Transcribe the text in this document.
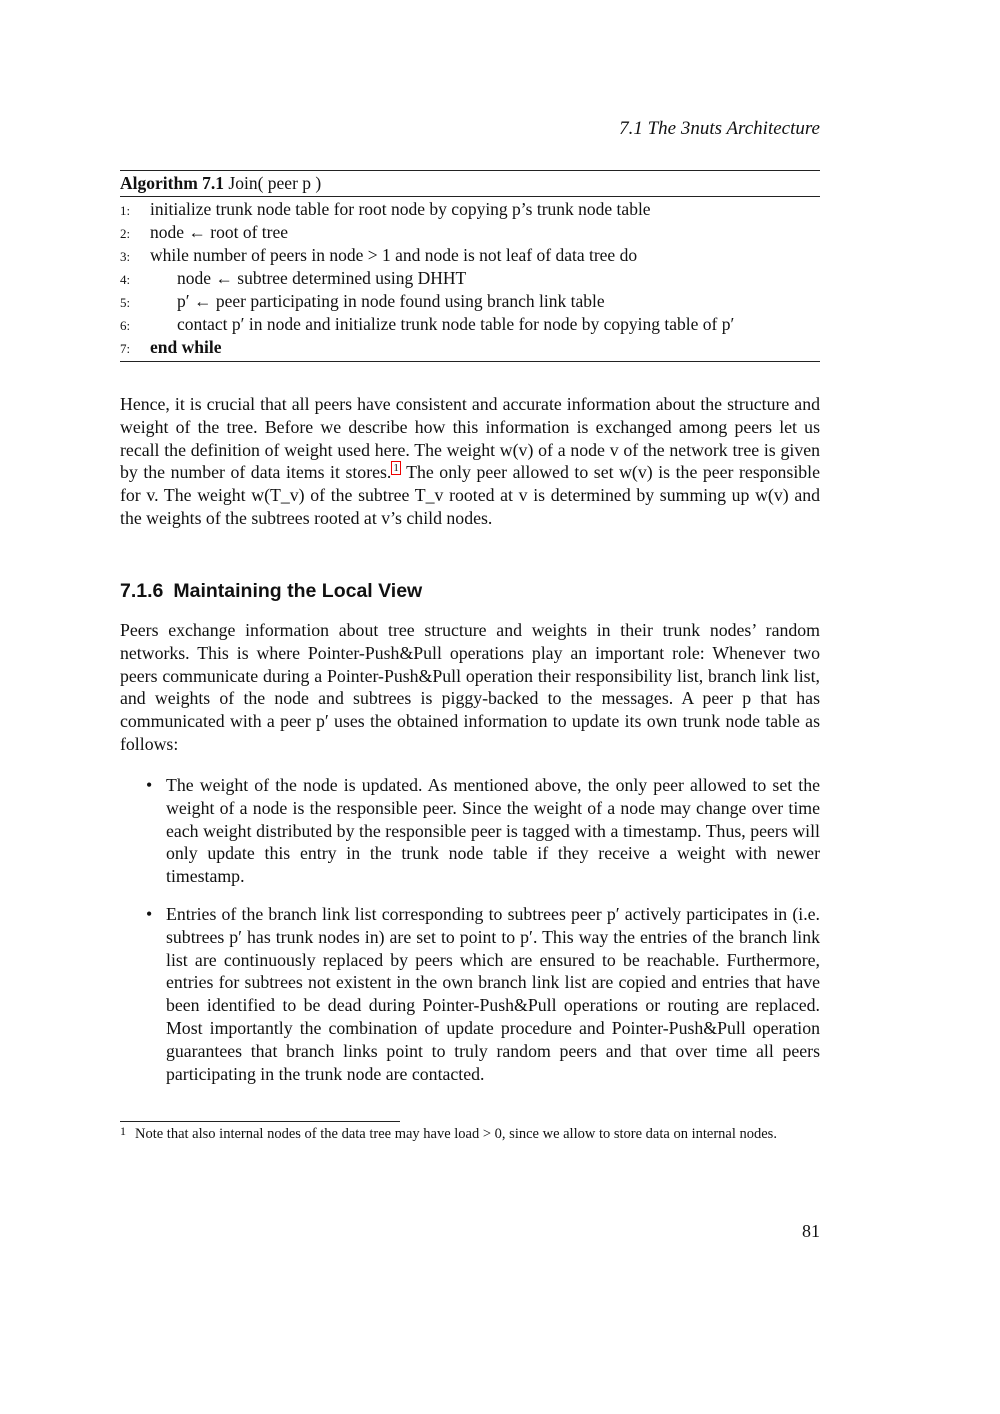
7.1 The 3nuts Architecture
Algorithm 7.1 Join( peer p )
1: initialize trunk node table for root node by copying p’s trunk node table
2: node ← root of tree
3: while number of peers in node > 1 and node is not leaf of data tree do
4:	node ← subtree determined using DHHT
5:	p′ ← peer participating in node found using branch link table
6:	contact p′ in node and initialize trunk node table for node by copying table of p′
7: end while
Hence, it is crucial that all peers have consistent and accurate information about the structure and weight of the tree. Before we describe how this information is exchanged among peers let us recall the definition of weight used here. The weight w(v) of a node v of the network tree is given by the number of data items it stores. $^1$ The only peer allowed to set w(v) is the peer responsible for v. The weight w(T_v) of the subtree T_v rooted at v is determined by summing up w(v) and the weights of the subtrees rooted at v’s child nodes.
7.1.6 Maintaining the Local View
Peers exchange information about tree structure and weights in their trunk nodes’ random networks. This is where Pointer-Push&Pull operations play an important role: Whenever two peers communicate during a Pointer-Push&Pull operation their responsibility list, branch link list, and weights of the node and subtrees is piggy-backed to the messages. A peer p that has communicated with a peer p′ uses the obtained information to update its own trunk node table as follows:
• The weight of the node is updated. As mentioned above, the only peer allowed to set the weight of a node is the responsible peer. Since the weight of a node may change over time each weight distributed by the responsible peer is tagged with a timestamp. Thus, peers will only update this entry in the trunk node table if they receive a weight with newer timestamp.
• Entries of the branch link list corresponding to subtrees peer p′ actively participates in (i.e. subtrees p′ has trunk nodes in) are set to point to p′. This way the entries of the branch link list are continuously replaced by peers which are ensured to be reachable. Furthermore, entries for subtrees not existent in the own branch link list are copied and entries that have been identified to be dead during Pointer-Push&Pull operations or routing are replaced. Most importantly the combination of update procedure and Pointer-Push&Pull operation guarantees that branch links point to truly random peers and that over time all peers participating in the trunk node are contacted.
1 Note that also internal nodes of the data tree may have load > 0, since we allow to store data on internal nodes.
81
